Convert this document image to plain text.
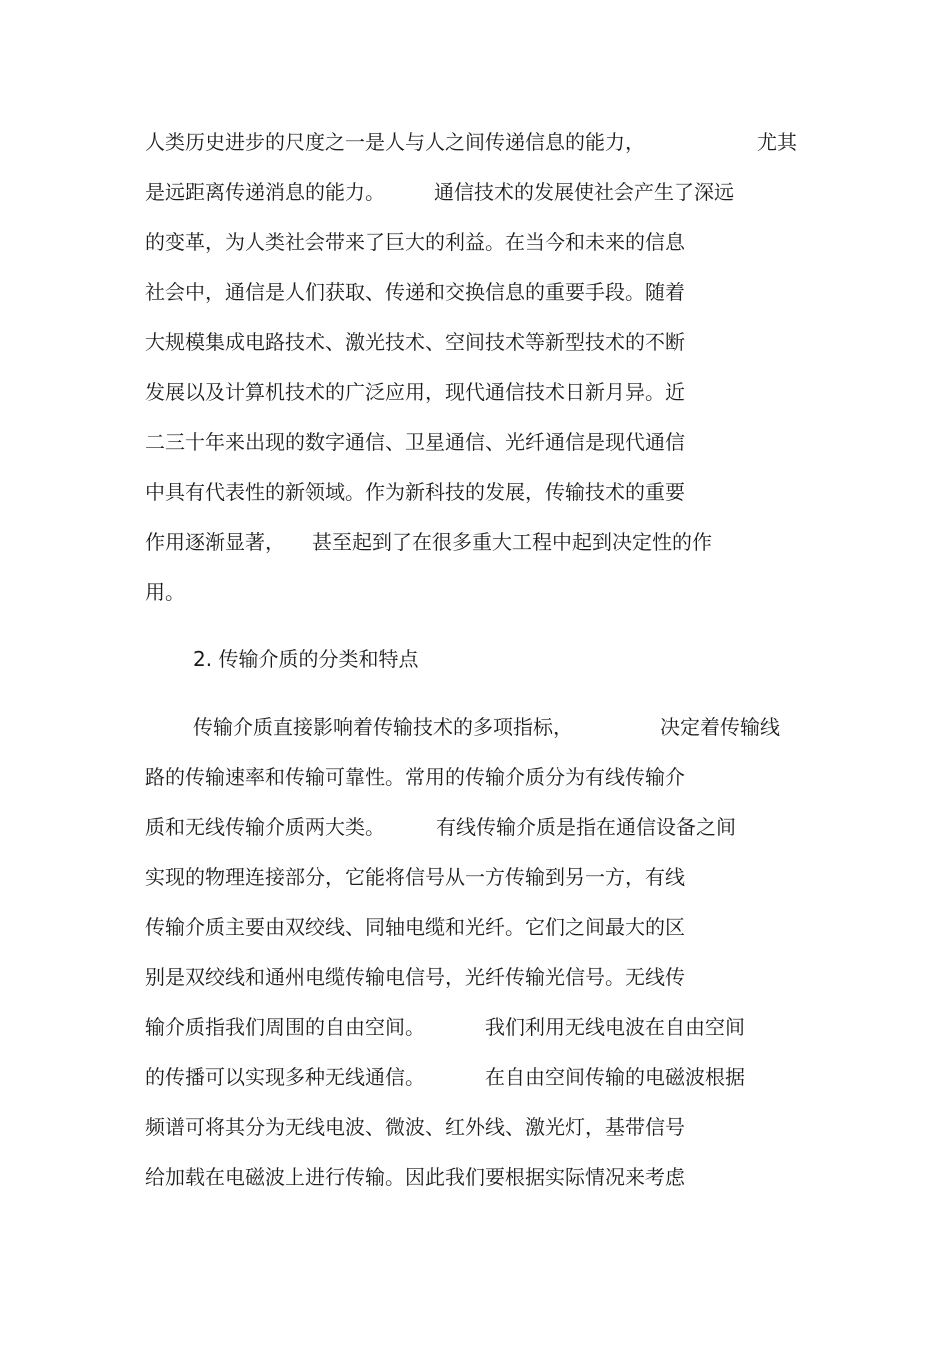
人类历史进步的尺度之一是人与人之间传递信息的能力，

	尤其

是远距离传递消息的能力。

通信技术的发展使社会产生了深远

的变革，为人类社会带来了巨大的利益。在当今和未来的信息

社会中，通信是人们获取、传递和交换信息的重要手段。随着

大规模集成电路技术、激光技术、空间技术等新型技术的不断

发展以及计算机技术的广泛应用，现代通信技术日新月异。近

二三十年来出现的数字通信、卫星通信、光纤通信是现代通信

中具有代表性的新领域。作为新科技的发展，传输技术的重要

作用逐渐显著，

甚至起到了在很多重大工程中起到决定性的作

用。

2. 传输介质的分类和特点

传输介质直接影响着传输技术的多项指标，

	决定着传输线

路的传输速率和传输可靠性。常用的传输介质分为有线传输介

质和无线传输介质两大类。

	有线传输介质是指在通信设备之间

实现的物理连接部分，它能将信号从一方传输到另一方，有线

传输介质主要由双绞线、同轴电缆和光纤。它们之间最大的区

别是双绞线和通州电缆传输电信号，光纤传输光信号。无线传

输介质指我们周围的自由空间。

	我们利用无线电波在自由空间

的传播可以实现多种无线通信。

	在自由空间传输的电磁波根据

频谱可将其分为无线电波、微波、红外线、激光灯，基带信号

给加载在电磁波上进行传输。因此我们要根据实际情况来考虑
